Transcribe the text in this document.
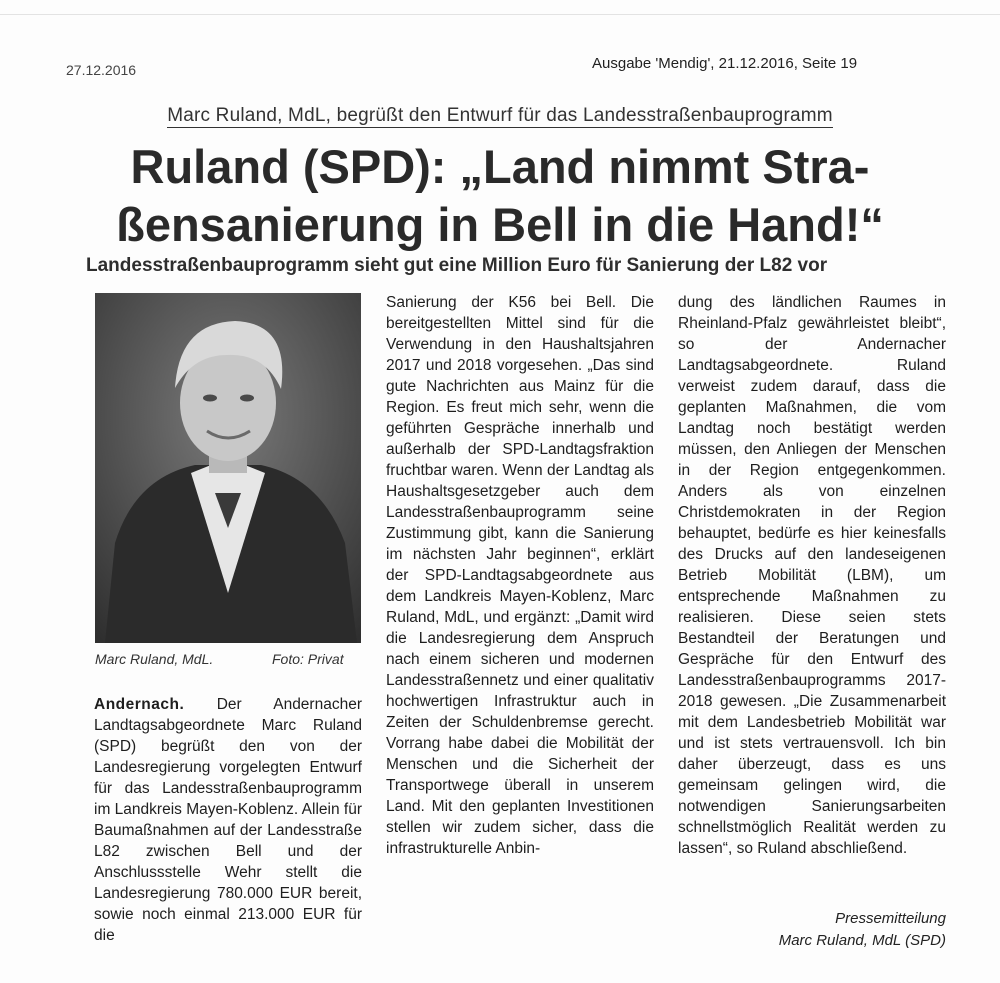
27.12.2016	Ausgabe 'Mendig', 21.12.2016, Seite 19
Marc Ruland, MdL, begrüßt den Entwurf für das Landesstraßenbauprogramm
Ruland (SPD): „Land nimmt Stra-
ßensanierung in Bell in die Hand!“
Landesstraßenbauprogramm sieht gut eine Million Euro für Sanierung der L82 vor
Marc Ruland, MdL.	Foto: Privat
Andernach. Der Andernacher Landtagsabgeordnete Marc Ruland (SPD) begrüßt den von der Landesregierung vorgelegten Entwurf für das Landesstraßenbauprogramm im Landkreis Mayen-Koblenz. Allein für Baumaßnahmen auf der Landesstraße L82 zwischen Bell und der Anschlussstelle Wehr stellt die Landesregierung 780.000 EUR bereit, sowie noch einmal 213.000 EUR für die
Sanierung der K56 bei Bell. Die bereitgestellten Mittel sind für die Verwendung in den Haushaltsjahren 2017 und 2018 vorgesehen. „Das sind gute Nachrichten aus Mainz für die Region. Es freut mich sehr, wenn die geführten Gespräche innerhalb und außerhalb der SPD-Landtagsfraktion fruchtbar waren. Wenn der Landtag als Haushaltsgesetzgeber auch dem Landesstraßenbauprogramm seine Zustimmung gibt, kann die Sanierung im nächsten Jahr beginnen“, erklärt der SPD-Landtagsabgeordnete aus dem Landkreis Mayen-Koblenz, Marc Ruland, MdL, und ergänzt: „Damit wird die Landesregierung dem Anspruch nach einem sicheren und modernen Landesstraßennetz und einer qualitativ hochwertigen Infrastruktur auch in Zeiten der Schuldenbremse gerecht. Vorrang habe dabei die Mobilität der Menschen und die Sicherheit der Transportwege überall in unserem Land. Mit den geplanten Investitionen stellen wir zudem sicher, dass die infrastrukturelle Anbin-
dung des ländlichen Raumes in Rheinland-Pfalz gewährleistet bleibt“, so der Andernacher Landtagsabgeordnete. Ruland verweist zudem darauf, dass die geplanten Maßnahmen, die vom Landtag noch bestätigt werden müssen, den Anliegen der Menschen in der Region entgegenkommen. Anders als von einzelnen Christdemokraten in der Region behauptet, bedürfe es hier keinesfalls des Drucks auf den landeseigenen Betrieb Mobilität (LBM), um entsprechende Maßnahmen zu realisieren. Diese seien stets Bestandteil der Beratungen und Gespräche für den Entwurf des Landesstraßenbauprogramms 2017-2018 gewesen. „Die Zusammenarbeit mit dem Landesbetrieb Mobilität war und ist stets vertrauensvoll. Ich bin daher überzeugt, dass es uns gemeinsam gelingen wird, die notwendigen Sanierungsarbeiten schnellstmöglich Realität werden zu lassen“, so Ruland abschließend.
Pressemitteilung
Marc Ruland, MdL (SPD)
